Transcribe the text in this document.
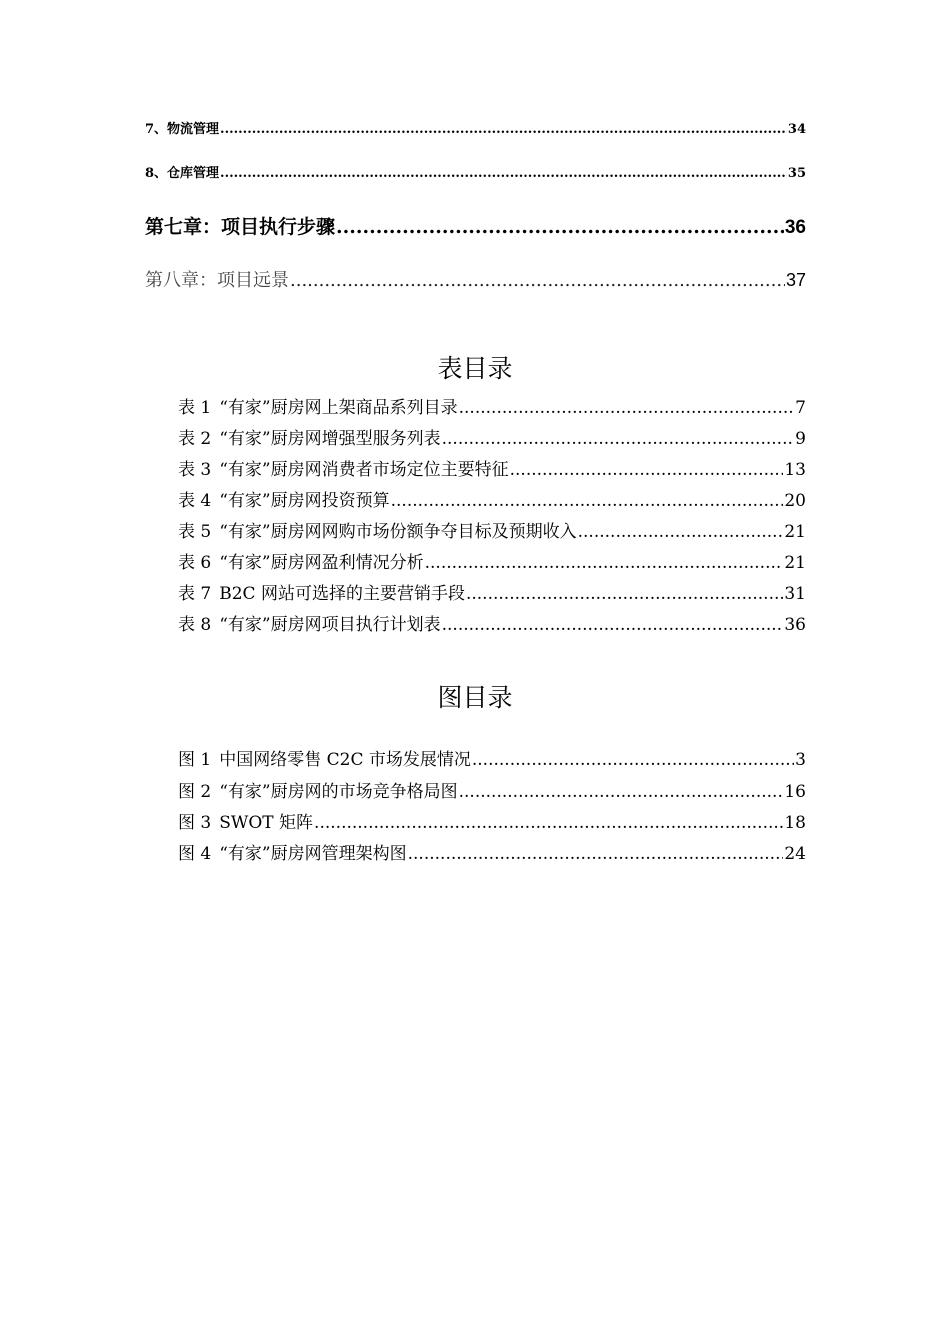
7、物流管理 .....	34
8、仓库管理 .....	35
第七章：项目执行步骤 .....	36
第八章：项目远景 .....	37
表目录
表 1 “有家”厨房网上架商品系列目录 .....	7
表 2 “有家”厨房网增强型服务列表 .....	9
表 3 “有家”厨房网消费者市场定位主要特征 .....	13
表 4 “有家”厨房网投资预算 .....	20
表 5 “有家”厨房网网购市场份额争夺目标及预期收入 .....	21
表 6 “有家”厨房网盈利情况分析 .....	21
表 7 B2C 网站可选择的主要营销手段 .....	31
表 8 “有家”厨房网项目执行计划表 .....	36
图目录
图 1 中国网络零售 C2C 市场发展情况 .....	3
图 2 “有家”厨房网的市场竞争格局图 .....	16
图 3 SWOT 矩阵 .....	18
图 4 “有家”厨房网管理架构图 .....	24
